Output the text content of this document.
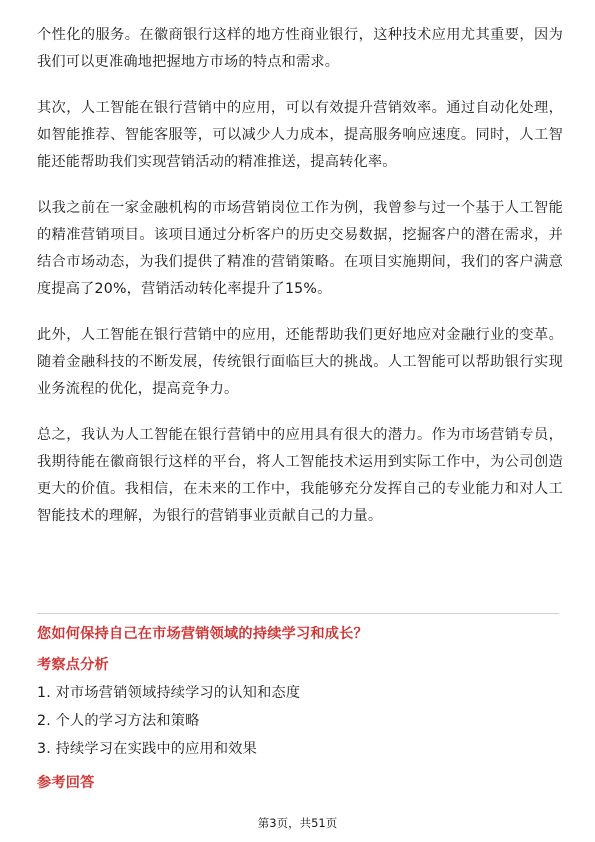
个性化的服务。在徽商银行这样的地方性商业银行，这种技术应用尤其重要，因为我们可以更准确地把握地方市场的特点和需求。

其次，人工智能在银行营销中的应用，可以有效提升营销效率。通过自动化处理，如智能推荐、智能客服等，可以减少人力成本，提高服务响应速度。同时，人工智能还能帮助我们实现营销活动的精准推送，提高转化率。

以我之前在一家金融机构的市场营销岗位工作为例，我曾参与过一个基于人工智能的精准营销项目。该项目通过分析客户的历史交易数据，挖掘客户的潜在需求，并结合市场动态，为我们提供了精准的营销策略。在项目实施期间，我们的客户满意度提高了20%，营销活动转化率提升了15%。

此外，人工智能在银行营销中的应用，还能帮助我们更好地应对金融行业的变革。随着金融科技的不断发展，传统银行面临巨大的挑战。人工智能可以帮助银行实现业务流程的优化，提高竞争力。

总之，我认为人工智能在银行营销中的应用具有很大的潜力。作为市场营销专员，我期待能在徽商银行这样的平台，将人工智能技术运用到实际工作中，为公司创造更大的价值。我相信，在未来的工作中，我能够充分发挥自己的专业能力和对人工智能技术的理解，为银行的营销事业贡献自己的力量。

您如何保持自己在市场营销领域的持续学习和成长？
考察点分析
1. 对市场营销领域持续学习的认知和态度
2. 个人的学习方法和策略
3. 持续学习在实践中的应用和效果
参考回答
第3页，共51页
